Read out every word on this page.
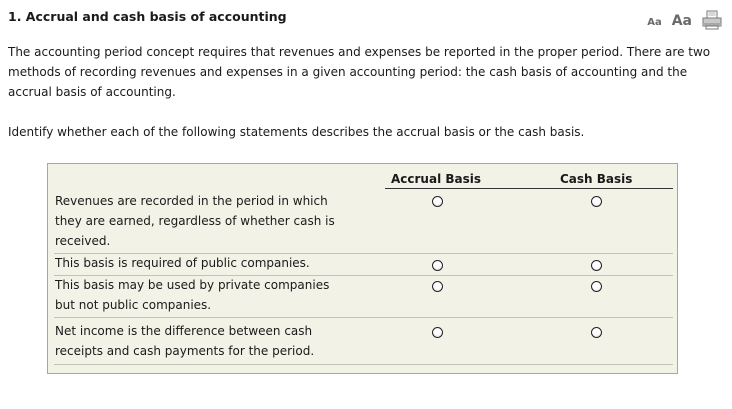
1. Accrual and cash basis of accounting	Aa Aa

The accounting period concept requires that revenues and expenses be reported in the proper period. There are two methods of recording revenues and expenses in a given accounting period: the cash basis of accounting and the accrual basis of accounting.

Identify whether each of the following statements describes the accrual basis or the cash basis.

Accrual Basis	Cash Basis

Revenues are recorded in the period in which they are earned, regardless of whether cash is received.

This basis is required of public companies.

This basis may be used by private companies but not public companies.

Net income is the difference between cash receipts and cash payments for the period.
